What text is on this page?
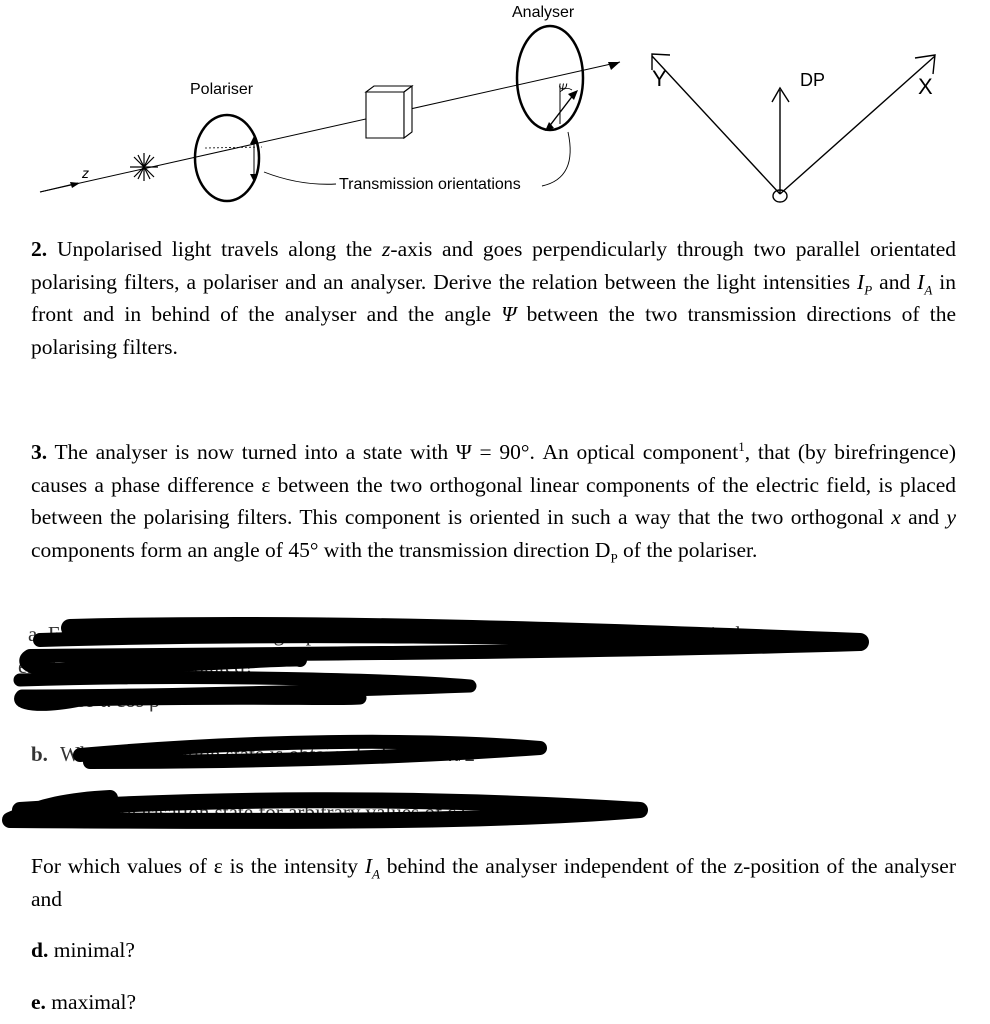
z
Polariser	Ψ
Analyser
Transmission orientations
Y	X
DP
2. Unpolarised light travels along the z-axis and goes perpendicularly through two parallel orientated polarising filters, a polariser and an analyser. Derive the relation between the light intensities $I_P$ and $I_A$ in front and in behind of the analyser and the angle Ψ between the two transmission directions of the polarising filters.
3. The analyser is now turned into a state with Ψ = 90°. An optical component$^1$, that (by birefringence) causes a phase difference ε between the two orthogonal linear components of the electric field, is placed between the polarising filters. This component is oriented in such a way that the two orthogonal x and y components form an angle of 45° with the transmission direction $D_P$ of the polariser.
a. For which values ε is the light polarisation behind the component linear? How is the
electric field vector rotated?
Hint: cos α cos β
b. Which polarisation state is obtained when ε = π/2
c. What polarisation state for arbitrary values of ε?
For which values of ε is the intensity $I_A$ behind the analyser independent of the z-position of the analyser and
d. minimal?
e. maximal?
